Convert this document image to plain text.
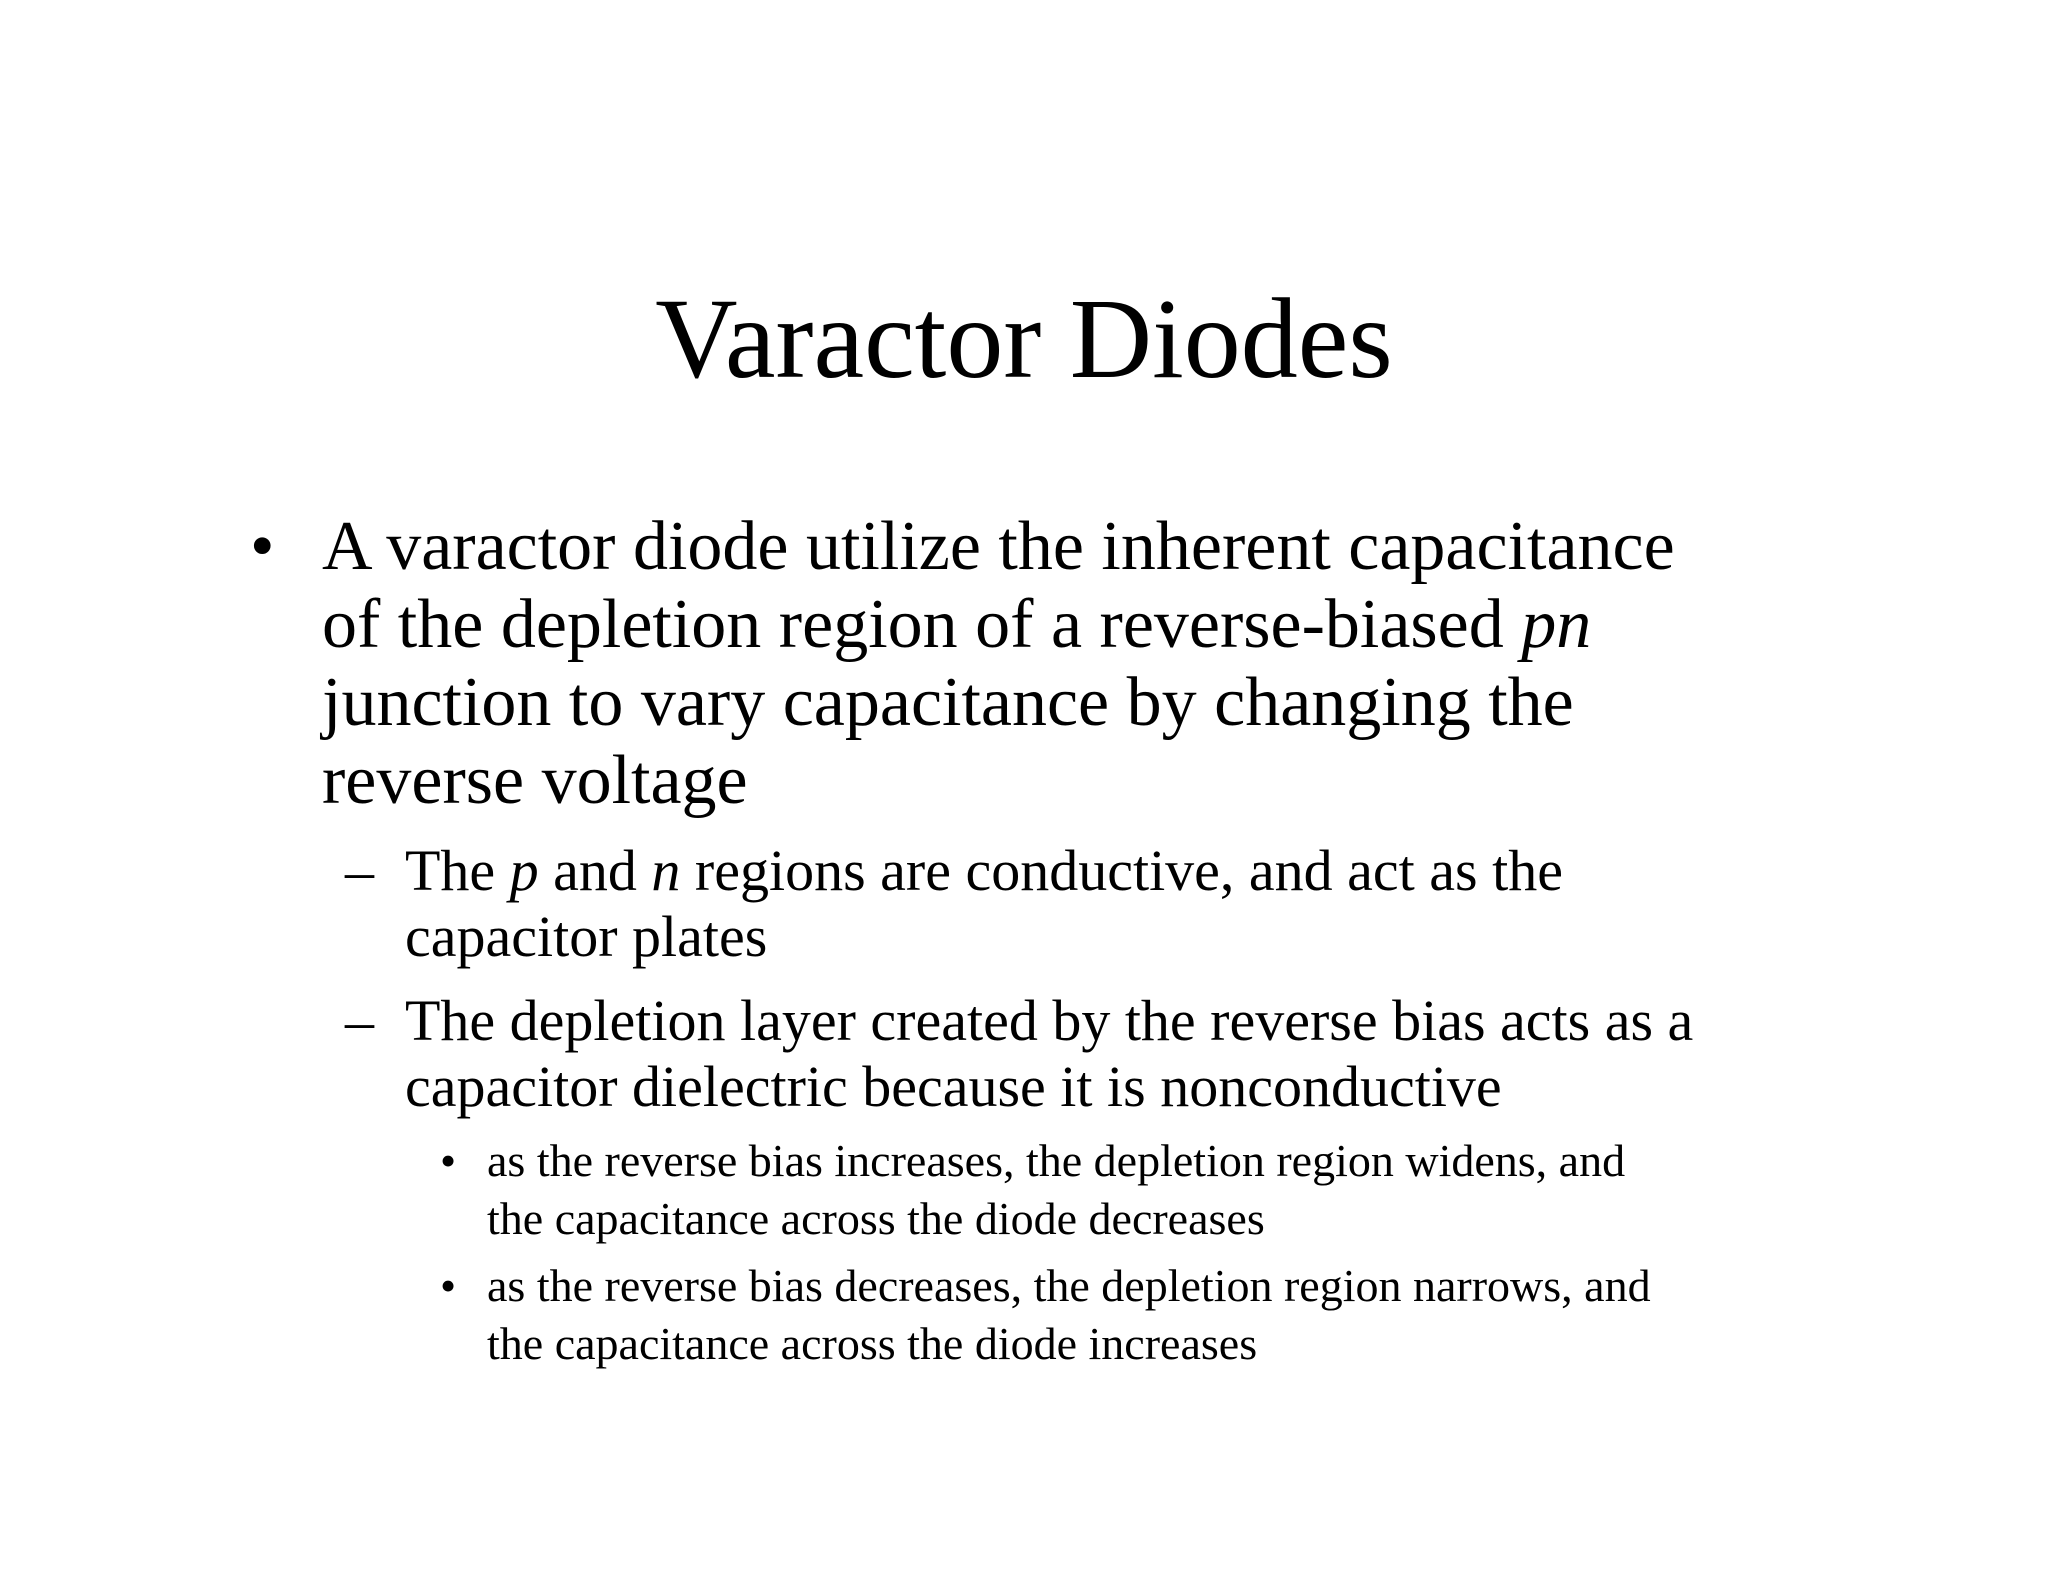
Varactor Diodes
• A varactor diode utilize the inherent capacitance
of the depletion region of a reverse-biased pn
junction to vary capacitance by changing the
reverse voltage
– The p and n regions are conductive, and act as the
capacitor plates
– The depletion layer created by the reverse bias acts as a
capacitor dielectric because it is nonconductive
• as the reverse bias increases, the depletion region widens, and
the capacitance across the diode decreases
• as the reverse bias decreases, the depletion region narrows, and
the capacitance across the diode increases
